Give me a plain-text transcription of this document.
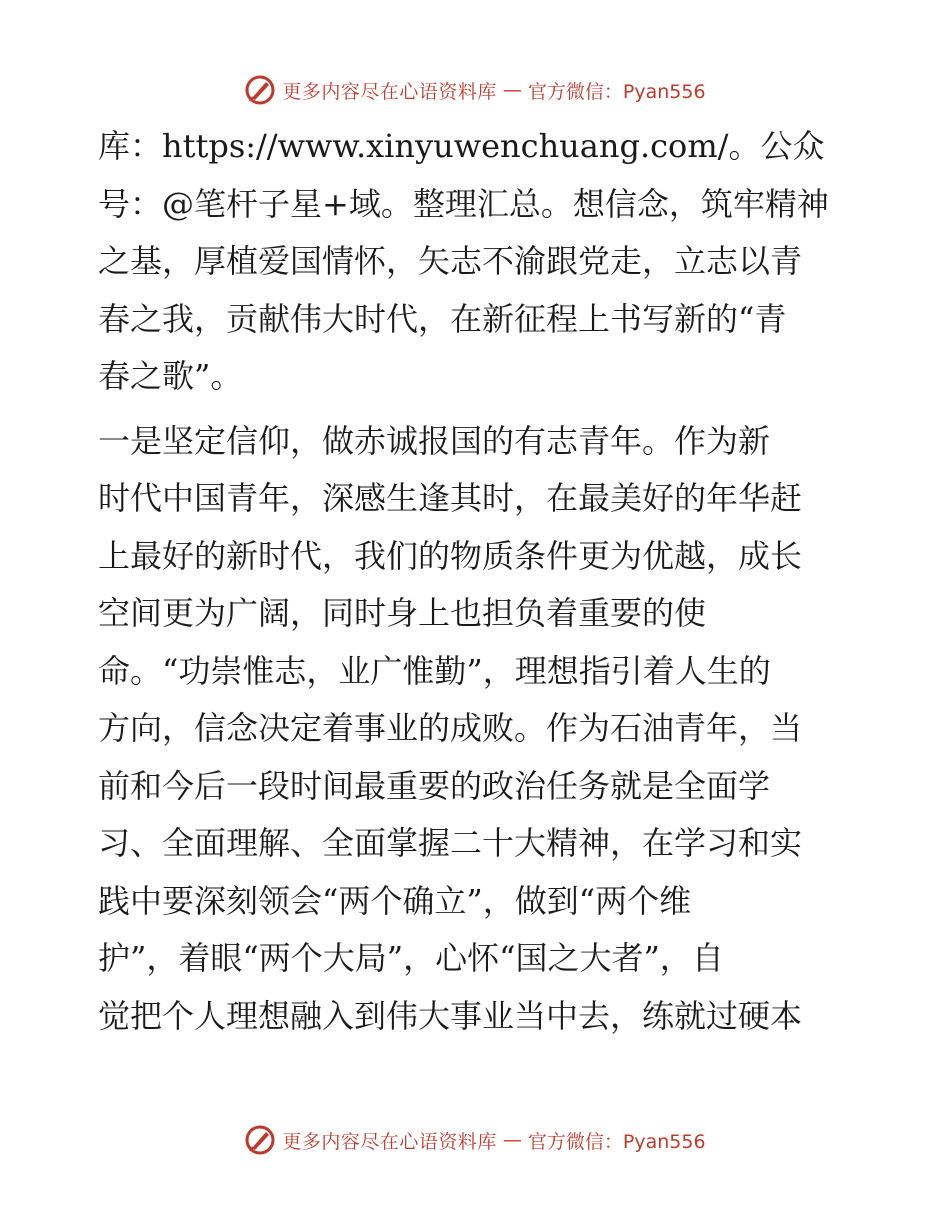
更多内容尽在心语资料库 — 官方微信：Pyan556
库：https://www.xinyuwenchuang.com/。公众
号：@笔杆子星+域。整理汇总。想信念，筑牢精神
之基，厚植爱国情怀，矢志不渝跟党走，立志以青
春之我，贡献伟大时代，在新征程上书写新的“青
春之歌”。
一是坚定信仰，做赤诚报国的有志青年。作为新
时代中国青年，深感生逢其时，在最美好的年华赶
上最好的新时代，我们的物质条件更为优越，成长
空间更为广阔，同时身上也担负着重要的使
命。“功崇惟志，业广惟勤”，理想指引着人生的
方向，信念决定着事业的成败。作为石油青年，当
前和今后一段时间最重要的政治任务就是全面学
习、全面理解、全面掌握二十大精神，在学习和实
践中要深刻领会“两个确立”，做到“两个维
护”，着眼“两个大局”，心怀“国之大者”，自
觉把个人理想融入到伟大事业当中去，练就过硬本
更多内容尽在心语资料库 — 官方微信：Pyan556
